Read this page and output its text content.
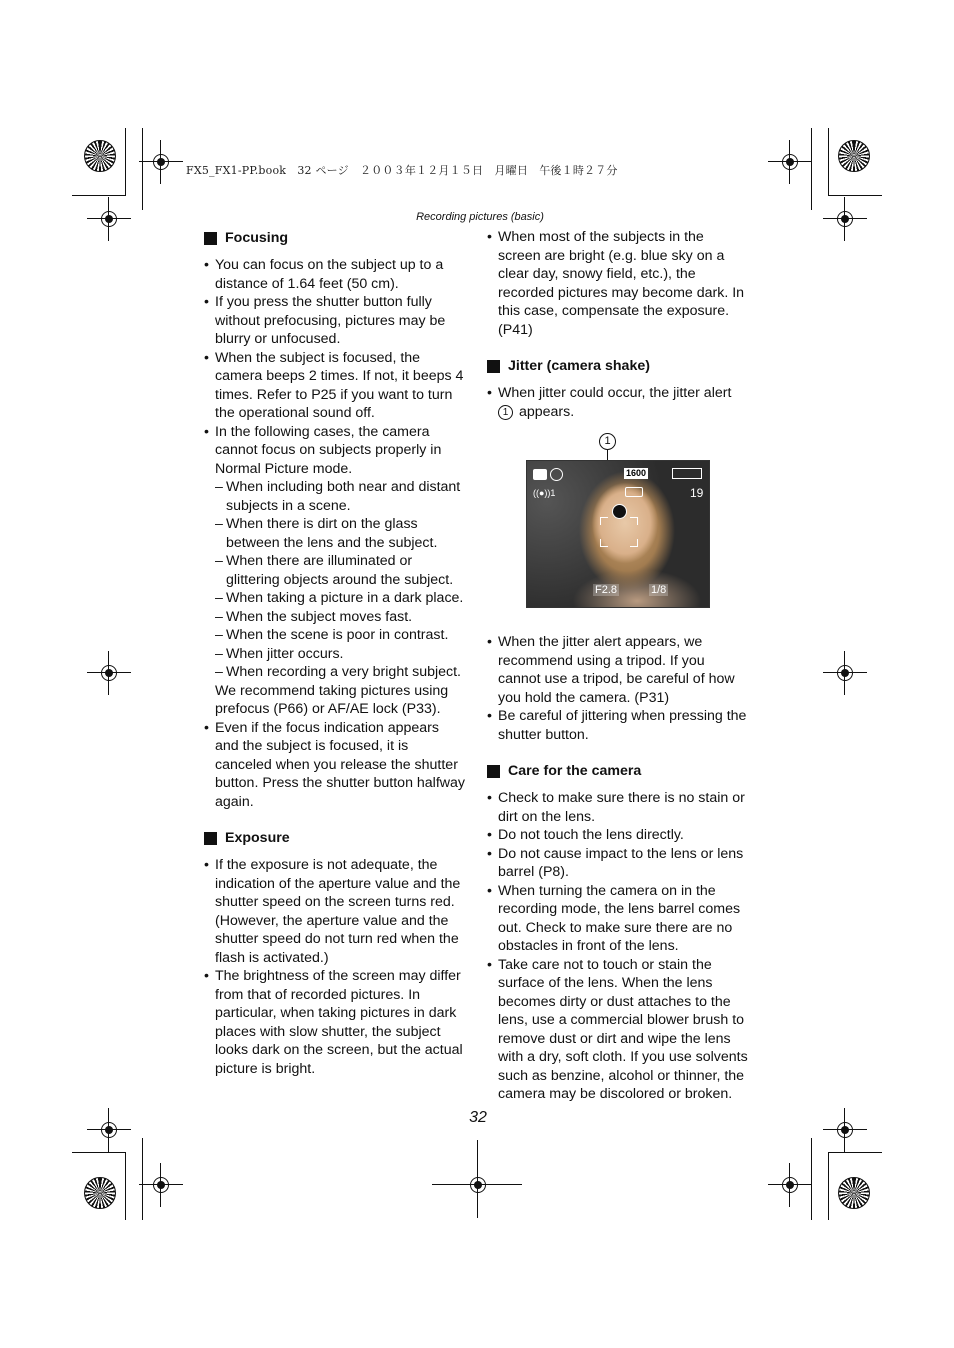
FX5_FX1-PP.book　32 ページ　２００３年１２月１５日　月曜日　午後１時２７分
Recording pictures (basic)
Focusing
• You can focus on the subject up to a distance of 1.64 feet (50 cm).
• If you press the shutter button fully without prefocusing, pictures may be blurry or unfocused.
• When the subject is focused, the camera beeps 2 times. If not, it beeps 4 times. Refer to P25 if you want to turn the operational sound off.
• In the following cases, the camera cannot focus on subjects properly in Normal Picture mode.
– When including both near and distant subjects in a scene.
– When there is dirt on the glass between the lens and the subject.
– When there are illuminated or glittering objects around the subject.
– When taking a picture in a dark place.
– When the subject moves fast.
– When the scene is poor in contrast.
– When jitter occurs.
– When recording a very bright subject.
We recommend taking pictures using prefocus (P66) or AF/AE lock (P33).
• Even if the focus indication appears and the subject is focused, it is canceled when you release the shutter button. Press the shutter button halfway again.
Exposure
• If the exposure is not adequate, the indication of the aperture value and the shutter speed on the screen turns red. (However, the aperture value and the shutter speed do not turn red when the flash is activated.)
• The brightness of the screen may differ from that of recorded pictures. In particular, when taking pictures in dark places with slow shutter, the subject looks dark on the screen, but the actual picture is bright.
• When most of the subjects in the screen are bright (e.g. blue sky on a clear day, snowy field, etc.), the recorded pictures may become dark. In this case, compensate the exposure. (P41)
Jitter (camera shake)
• When jitter could occur, the jitter alert 1 appears.
1
1600
((●))1	19
F2.8	1/8
• When the jitter alert appears, we recommend using a tripod. If you cannot use a tripod, be careful of how you hold the camera. (P31)
• Be careful of jittering when pressing the shutter button.
Care for the camera
• Check to make sure there is no stain or dirt on the lens.
• Do not touch the lens directly.
• Do not cause impact to the lens or lens barrel (P8).
• When turning the camera on in the recording mode, the lens barrel comes out. Check to make sure there are no obstacles in front of the lens.
• Take care not to touch or stain the surface of the lens. When the lens becomes dirty or dust attaches to the lens, use a commercial blower brush to remove dust or dirt and wipe the lens with a dry, soft cloth. If you use solvents such as benzine, alcohol or thinner, the camera may be discolored or broken.
32
